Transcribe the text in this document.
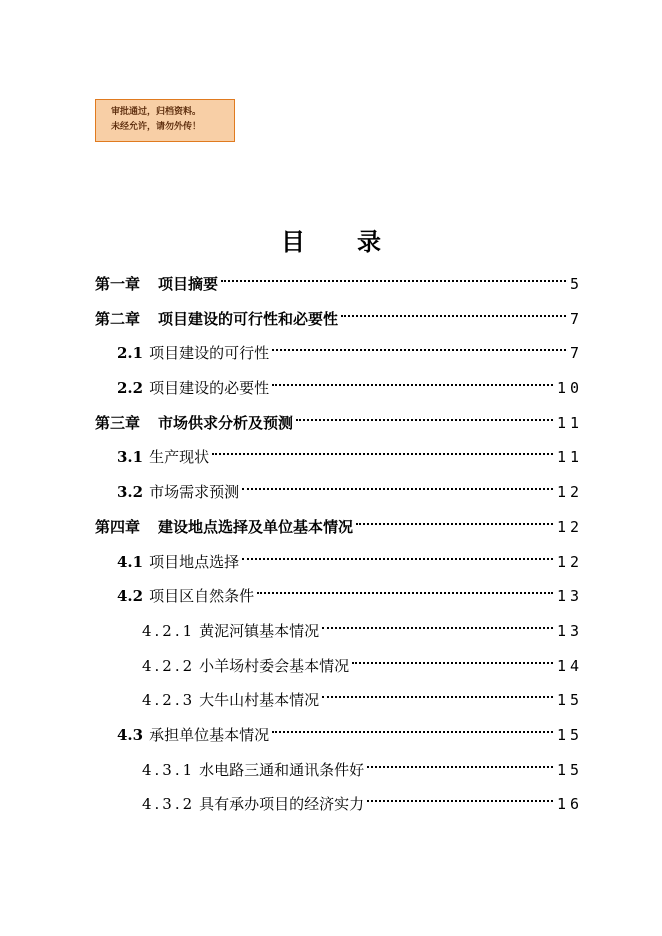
审批通过，归档资料。
未经允许，请勿外传！
目 录
第一章 项目摘要	5
第二章 项目建设的可行性和必要性	7
2.1 项目建设的可行性	7
2.2 项目建设的必要性	10
第三章 市场供求分析及预测	11
3.1 生产现状	11
3.2 市场需求预测	12
第四章 建设地点选择及单位基本情况	12
4.1 项目地点选择	12
4.2 项目区自然条件	13
4.2.1 黄泥河镇基本情况	13
4.2.2 小羊场村委会基本情况	14
4.2.3 大牛山村基本情况	15
4.3 承担单位基本情况	15
4.3.1 水电路三通和通讯条件好	15
4.3.2 具有承办项目的经济实力	16
